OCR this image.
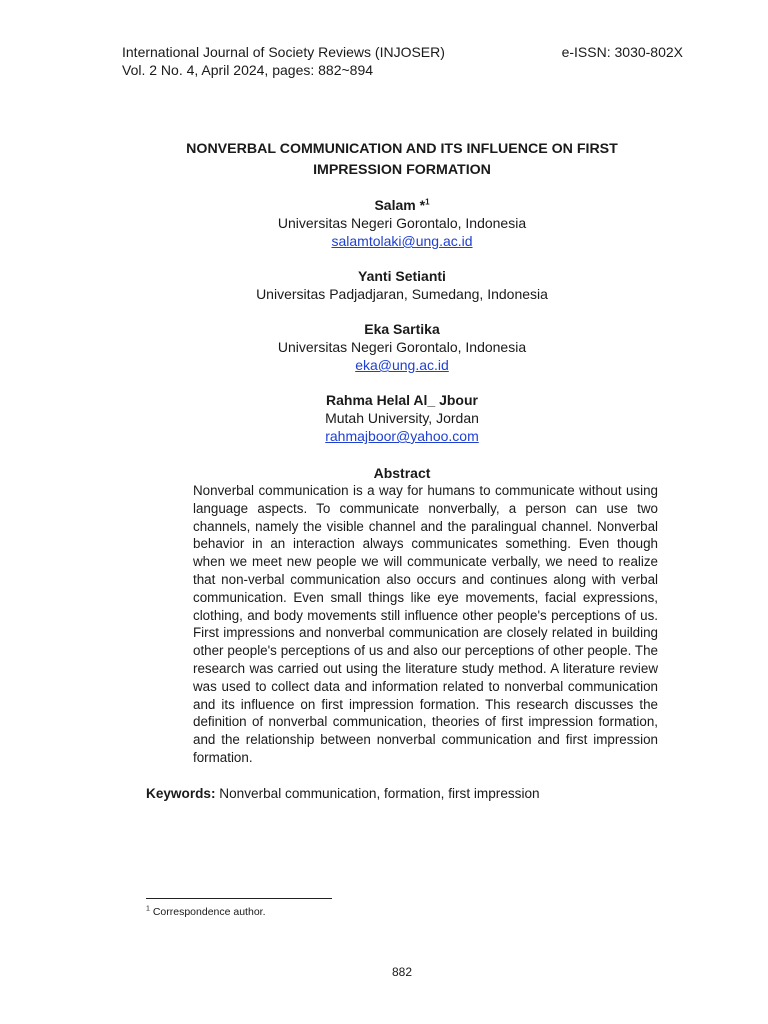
International Journal of Society Reviews (INJOSER)	e-ISSN: 3030-802X
Vol. 2 No. 4, April 2024, pages: 882~894
NONVERBAL COMMUNICATION AND ITS INFLUENCE ON FIRST
IMPRESSION FORMATION
Salam *$^1$
Universitas Negeri Gorontalo, Indonesia
salamtolaki@ung.ac.id
Yanti Setianti
Universitas Padjadjaran, Sumedang, Indonesia
Eka Sartika
Universitas Negeri Gorontalo, Indonesia
eka@ung.ac.id
Rahma Helal Al_ Jbour
Mutah University, Jordan
rahmajboor@yahoo.com
Abstract
Nonverbal communication is a way for humans to communicate without using language aspects. To communicate nonverbally, a person can use two channels, namely the visible channel and the paralingual channel. Nonverbal behavior in an interaction always communicates something. Even though when we meet new people we will communicate verbally, we need to realize that non-verbal communication also occurs and continues along with verbal communication. Even small things like eye movements, facial expressions, clothing, and body movements still influence other people's perceptions of us. First impressions and nonverbal communication are closely related in building other people's perceptions of us and also our perceptions of other people. The research was carried out using the literature study method. A literature review was used to collect data and information related to nonverbal communication and its influence on first impression formation. This research discusses the definition of nonverbal communication, theories of first impression formation, and the relationship between nonverbal communication and first impression formation.
Keywords: Nonverbal communication, formation, first impression
$^1$ Correspondence author.
882
